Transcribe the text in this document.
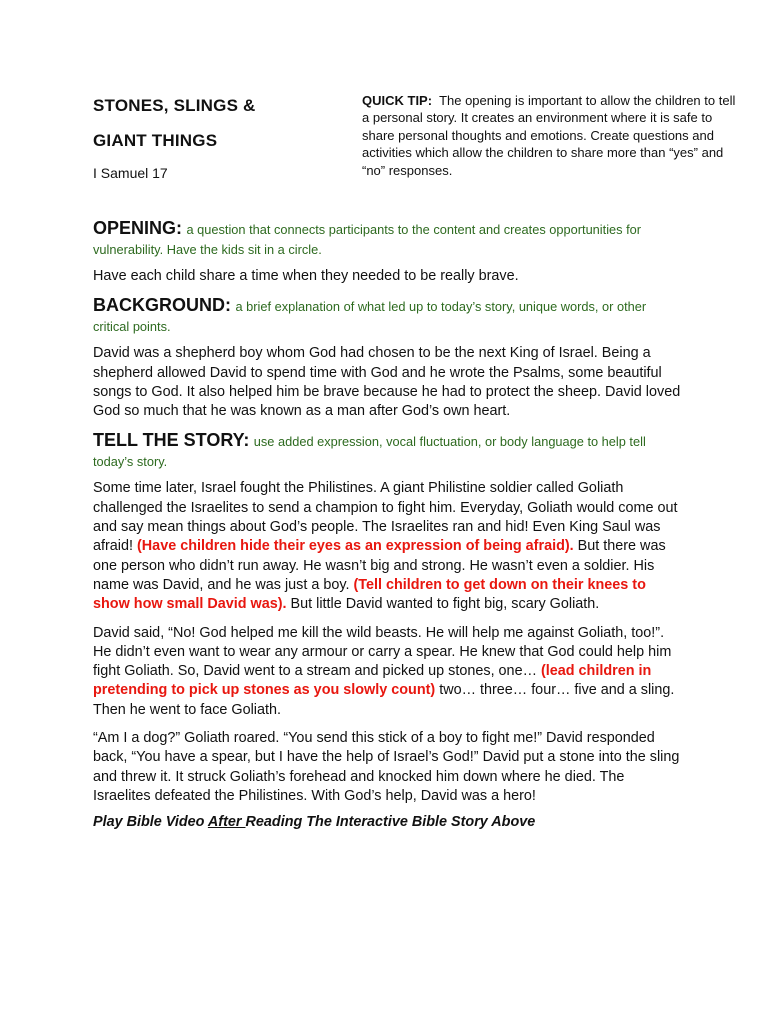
STONES, SLINGS &
GIANT THINGS
I Samuel 17
QUICK TIP: The opening is important to allow the children to tell a personal story. It creates an environment where it is safe to share personal thoughts and emotions. Create questions and activities which allow the children to share more than “yes” and “no” responses.

OPENING: a question that connects participants to the content and creates opportunities for vulnerability. Have the kids sit in a circle.

Have each child share a time when they needed to be really brave.

BACKGROUND: a brief explanation of what led up to today’s story, unique words, or other critical points.

David was a shepherd boy whom God had chosen to be the next King of Israel. Being a shepherd allowed David to spend time with God and he wrote the Psalms, some beautiful songs to God. It also helped him be brave because he had to protect the sheep. David loved God so much that he was known as a man after God’s own heart.

TELL THE STORY: use added expression, vocal fluctuation, or body language to help tell today’s story.

Some time later, Israel fought the Philistines. A giant Philistine soldier called Goliath challenged the Israelites to send a champion to fight him. Everyday, Goliath would come out and say mean things about God’s people. The Israelites ran and hid! Even King Saul was afraid! (Have children hide their eyes as an expression of being afraid). But there was one person who didn’t run away. He wasn’t big and strong. He wasn’t even a soldier. His name was David, and he was just a boy. (Tell children to get down on their knees to show how small David was). But little David wanted to fight big, scary Goliath.

David said, “No! God helped me kill the wild beasts. He will help me against Goliath, too!”. He didn’t even want to wear any armour or carry a spear. He knew that God could help him fight Goliath. So, David went to a stream and picked up stones, one… (lead children in pretending to pick up stones as you slowly count) two… three… four… five and a sling. Then he went to face Goliath.

“Am I a dog?” Goliath roared. “You send this stick of a boy to fight me!” David responded back, “You have a spear, but I have the help of Israel’s God!” David put a stone into the sling and threw it. It struck Goliath’s forehead and knocked him down where he died. The Israelites defeated the Philistines. With God’s help, David was a hero!

Play Bible Video After Reading The Interactive Bible Story Above
